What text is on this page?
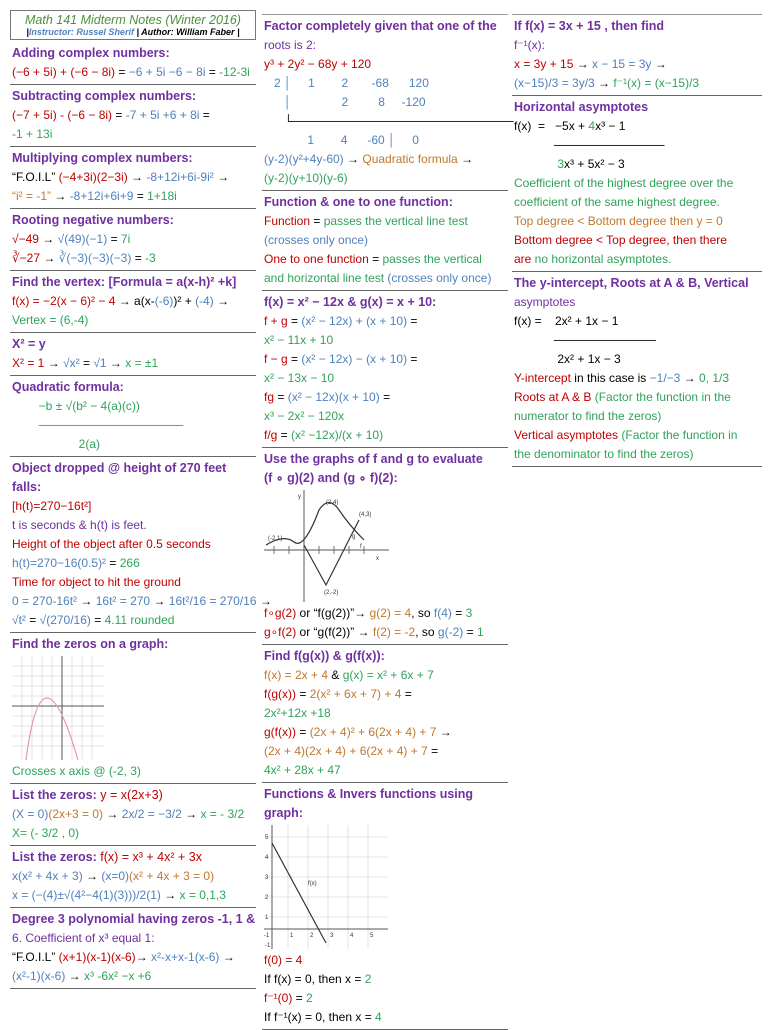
Math 141 Midterm Notes (Winter 2016)
|Instructor: Russel Sherif | Author: William Faber |
Adding complex numbers:
(−6 + 5i) + (−6 − 8i) = −6 + 5i −6 − 8i = -12-3i
Subtracting complex numbers:
(−7 + 5i) - (−6 − 8i) = -7 + 5i +6 + 8i =
-1 + 13i
Multiplying complex numbers:
“F.O.I.L” (−4+3i)(2−3i) → -8+12i+6i-9i² →
“i² = -1” → -8+12i+6i+9 = 1+18i
Rooting negative numbers:
√−49 → √(49)(−1) = 7i
∛−27 → ∛(−3)(−3)(−3) = -3
Find the vertex: [Formula = a(x-h)² +k]
f(x) = −2(x − 6)² − 4 → a(x-(-6))² + (-4) →
Vertex = (6,-4)
X² = y
X² = 1 → √x² = √1 → x = ±1
Quadratic formula:
−b ± √(b² − 4(a)(c))
─────────────────
2(a)
Object dropped @ height of 270 feet falls:
[h(t)=270−16t²]
t is seconds & h(t) is feet.
Height of the object after 0.5 seconds
h(t)=270−16(0.5)² = 266
Time for object to hit the ground
0 = 270-16t² → 16t² = 270 → 16t²/16 = 270/16 →
√t² = √(270/16) = 4.11 rounded
Find the zeros on a graph:
Crosses x axis @ (-2, 3)
List the zeros: y = x(2x+3)
(X = 0)(2x+3 = 0) → 2x/2 = −3/2 → x = - 3/2
X= (- 3/2 , 0)
List the zeros: f(x) = x³ + 4x² + 3x
x(x² + 4x + 3) → (x=0)(x² + 4x + 3 = 0)
x = (−(4)±√(4²−4(1)(3)))/2(1) → x = 0,1,3
Degree 3 polynomial having zeros -1, 1 &
6. Coefficient of x³ equal 1:
“F.O.I.L” (x+1)(x-1)(x-6)→ x²-x+x-1(x-6) →
(x²-1)(x-6) → x³ -6x² −x +6
Factor completely given that one of the
roots is 2:
y³ + 2y² − 68y + 120
2 │     1        2       -68      120
│               2         8     -120
└──────────────────────────
1        4      -60 │     0
(y-2)(y²+4y-60) → Quadratic formula →
(y-2)(y+10)(y-6)
Function & one to one function:
Function = passes the vertical line test
(crosses only once)
One to one function = passes the vertical
and horizontal line test (crosses only once)
f(x) = x² − 12x & g(x) = x + 10:
f + g = (x² − 12x) + (x + 10) =
x² − 11x + 10
f − g = (x² − 12x) − (x + 10) =
x² − 13x − 10
fg = (x² − 12x)(x + 10) =
x³ − 2x² − 120x
f/g = (x² −12x)/(x + 10)
Use the graphs of f and g to evaluate
(f ∘ g)(2) and (g ∘ f)(2):
y
(2,4)
(4,3)
(-2,1)
(2,-2)
x
g
f
f∘g(2) or “f(g(2))”→ g(2) = 4, so f(4) = 3
g∘f(2) or “g(f(2))” → f(2) = -2, so g(-2) = 1
Find f(g(x)) & g(f(x)):
f(x) = 2x + 4 & g(x) = x² + 6x + 7
f(g(x)) = 2(x² + 6x + 7) + 4 =
2x²+12x +18
g(f(x)) = (2x + 4)² + 6(2x + 4) + 7 →
(2x + 4)(2x + 4) + 6(2x + 4) + 7 =
4x² + 28x + 47
Functions & Invers functions using
graph:
f(x)
5
4
3
2
1
-1	1	2	3	4	5
-1
f(0) = 4
If f(x) = 0, then x = 2
f⁻¹(0) = 2
If f⁻¹(x) = 0, then x = 4
If f(x) = 3x + 15 , then find
f⁻¹(x):
x = 3y + 15 → x − 15 = 3y →
(x−15)/3 = 3y/3 → f⁻¹(x) = (x−15)/3
Horizontal asymptotes
f(x)  =   −5x + 4x³ − 1
─────────────
3x³ + 5x² − 3
Coefficient of the highest degree over the
coefficient of the same highest degree.
Top degree < Bottom degree then y = 0
Bottom degree < Top degree, then there
are no horizontal asymptotes.
The y-intercept, Roots at A & B, Vertical
asymptotes
f(x) =    2x² + 1x − 1
────────────
2x² + 1x − 3
Y-intercept in this case is −1/−3 → 0, 1/3
Roots at A & B (Factor the function in the
numerator to find the zeros)
Vertical asymptotes (Factor the function in
the denominator to find the zeros)
